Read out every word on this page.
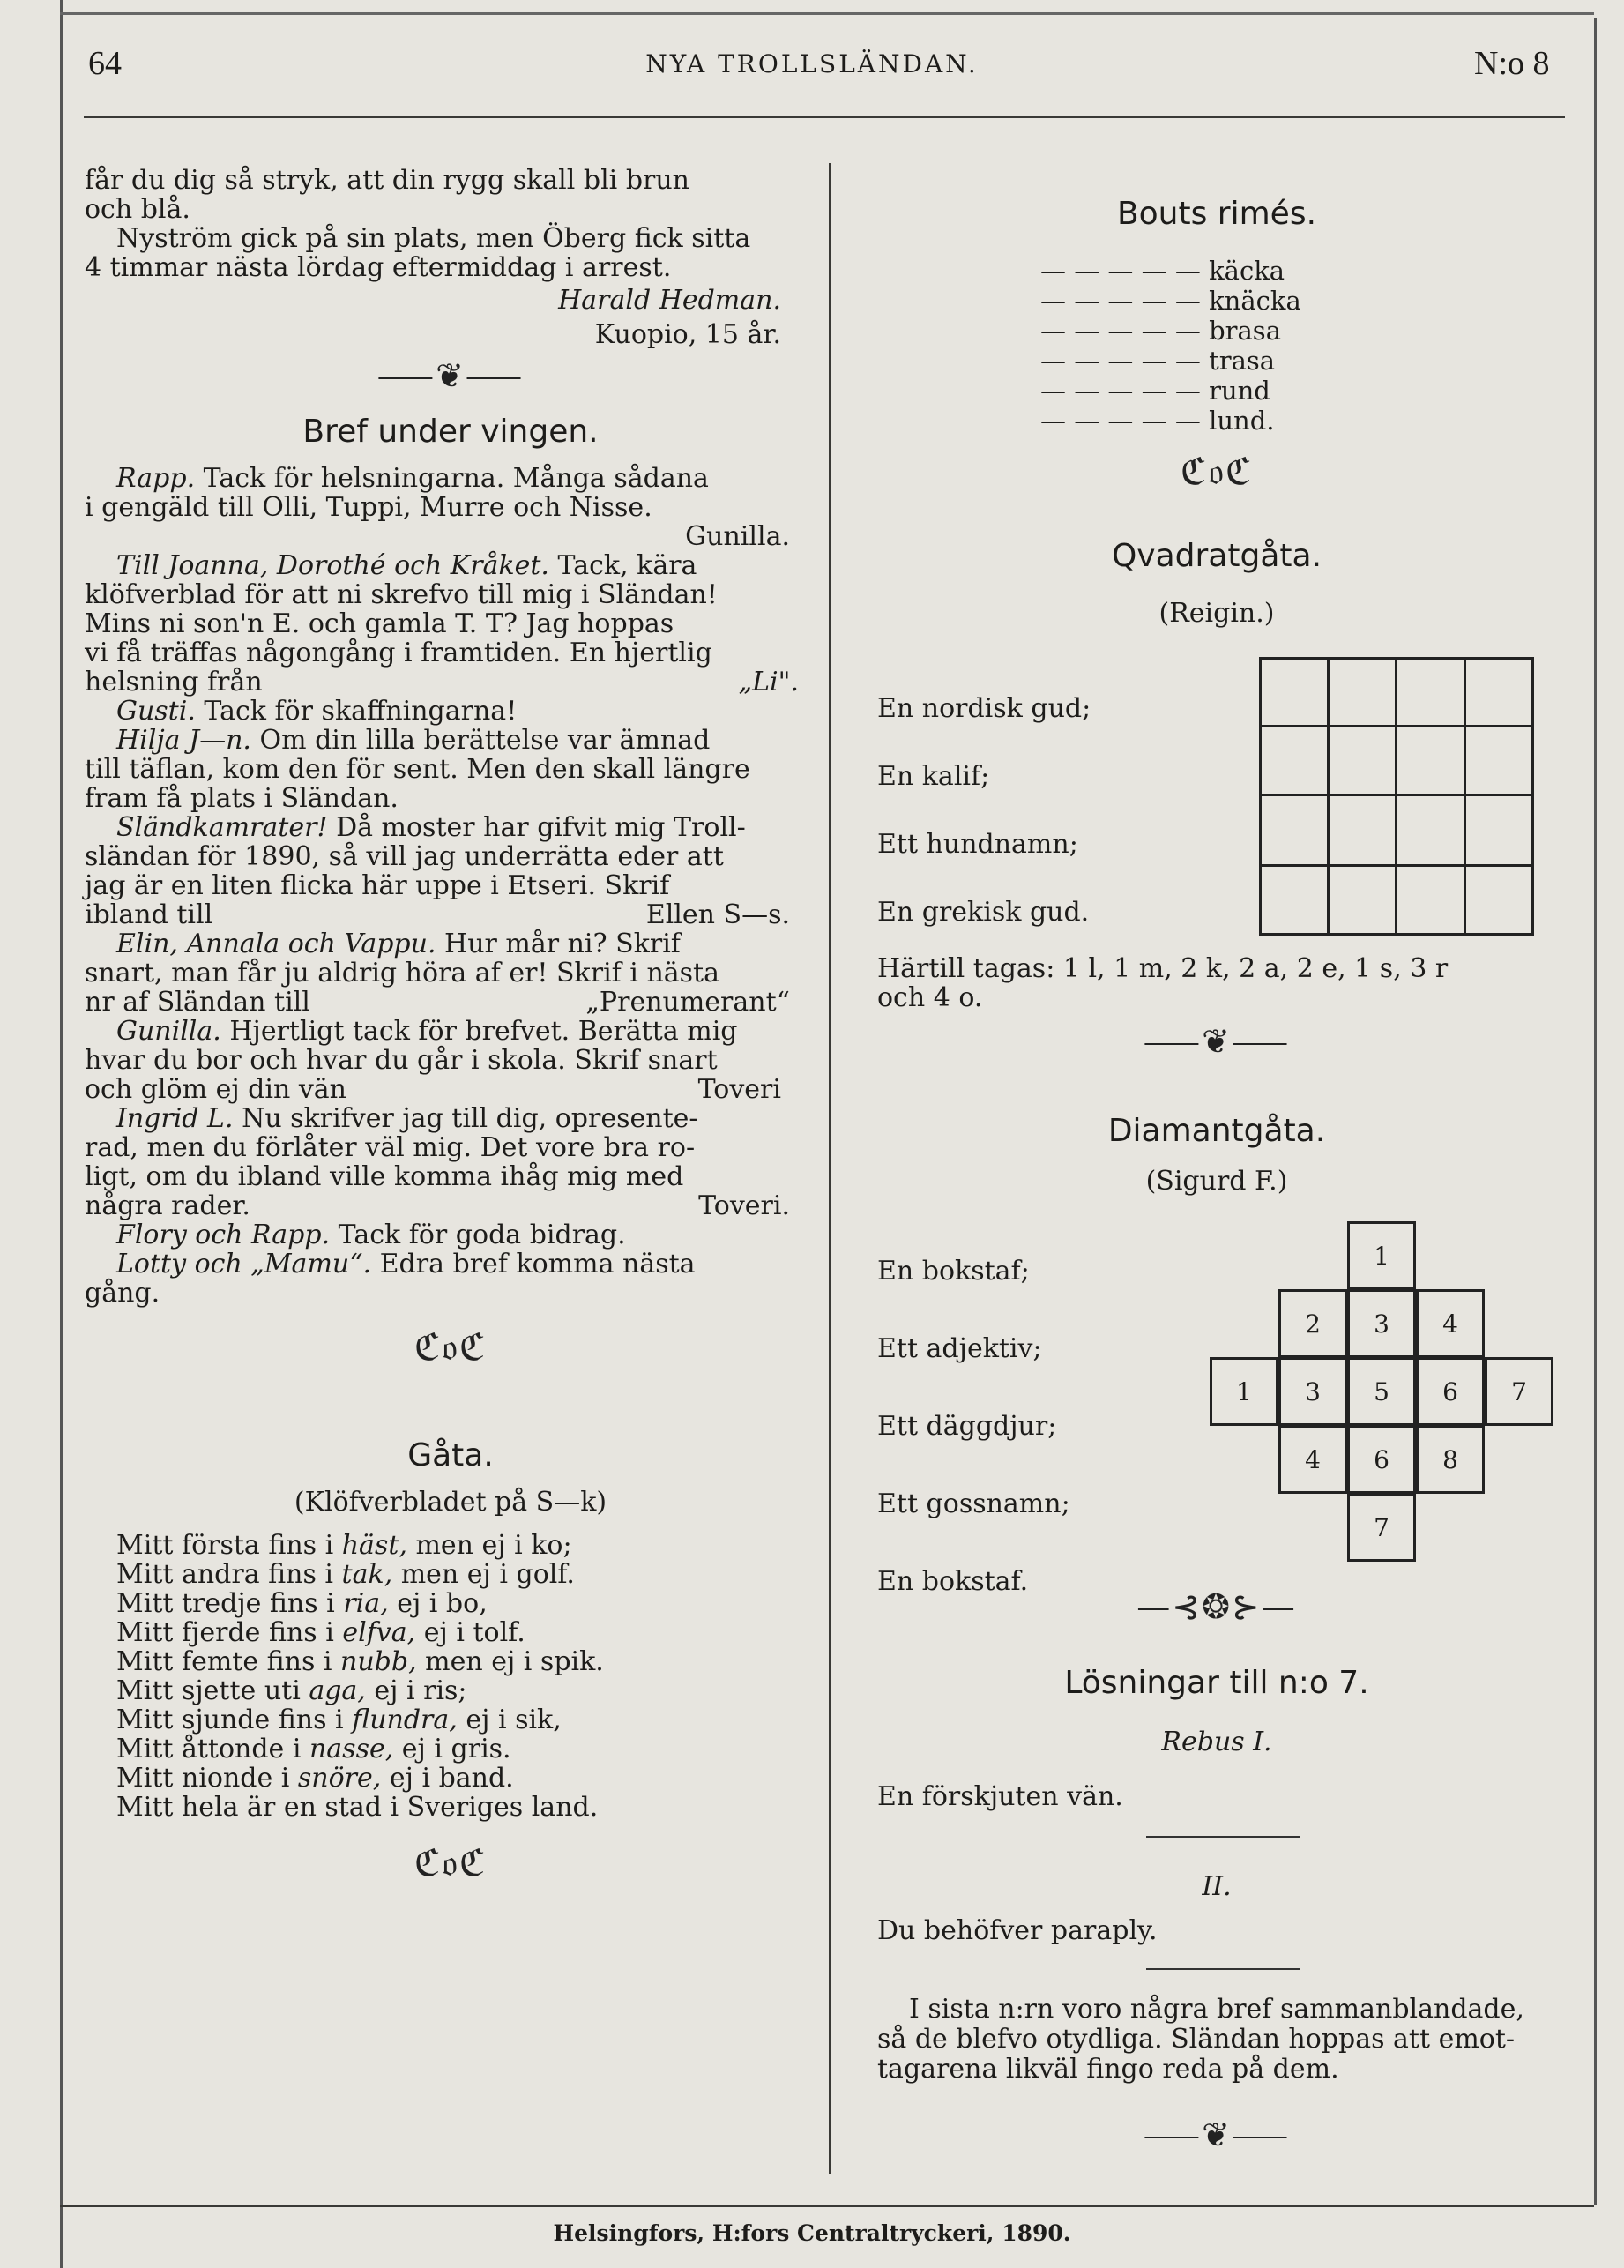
64	NYA TROLLSLÄNDAN.	N:o 8

får du dig så stryk, att din rygg skall bli brun

och blå.

Nyström gick på sin plats, men Öberg fick sitta

4 timmar nästa lördag eftermiddag i arrest.

Harald Hedman.

Kuopio, 15 år.

⸺❦⸺
Bref under vingen.

Rapp. Tack för helsningarna. Många sådana

i gengäld till Olli, Tuppi, Murre och Nisse.

Gunilla.

Till Joanna, Dorothé och Kråket. Tack, kära

klöfverblad för att ni skrefvo till mig i Sländan!

Mins ni son'n E. och gamla T. T? Jag hoppas

vi få träffas någongång i framtiden. En hjertlig

helsning från	„Li".

Gusti. Tack för skaffningarna!

Hilja J—n. Om din lilla berättelse var ämnad

till täflan, kom den för sent. Men den skall längre

fram få plats i Sländan.

Sländkamrater! Då moster har gifvit mig Troll-

sländan för 1890, så vill jag underrätta eder att

jag är en liten flicka här uppe i Etseri. Skrif

ibland till	Ellen S—s.

Elin, Annala och Vappu. Hur mår ni? Skrif

snart, man får ju aldrig höra af er! Skrif i nästa

nr af Sländan till	„Prenumerant“

Gunilla. Hjertligt tack för brefvet. Berätta mig

hvar du bor och hvar du går i skola. Skrif snart

och glöm ej din vän	Toveri

Ingrid L. Nu skrifver jag till dig, opresente-

rad, men du förlåter väl mig. Det vore bra ro-

ligt, om du ibland ville komma ihåg mig med

några rader.	Toveri.

Flory och Rapp. Tack för goda bidrag.

Lotty och „Mamu“. Edra bref komma nästa

gång.

ℭ𝔬ℭ
Gåta.

(Klöfverbladet på S—k)

Mitt första fins i häst, men ej i ko;

Mitt andra fins i tak, men ej i golf.

Mitt tredje fins i ria, ej i bo,

Mitt fjerde fins i elfva, ej i tolf.

Mitt femte fins i nubb, men ej i spik.

Mitt sjette uti aga, ej i ris;

Mitt sjunde fins i flundra, ej i sik,

Mitt åttonde i nasse, ej i gris.

Mitt nionde i snöre, ej i band.

Mitt hela är en stad i Sveriges land.

ℭ𝔬ℭ
Bouts rimés.
— — — — — käcka
— — — — — knäcka
— — — — — brasa
— — — — — trasa
— — — — — rund
— — — — — lund.
ℭ𝔬ℭ
Qvadratgåta.
(Reigin.)

En nordisk gud;

En kalif;

Ett hundnamn;

En grekisk gud.

Härtill tagas: 1 l, 1 m, 2 k, 2 a, 2 e, 1 s, 3 r

och 4 o.

⸺❦⸺
Diamantgåta.
(Sigurd F.)

En bokstaf;

Ett adjektiv;

Ett däggdjur;

Ett gossnamn;

En bokstaf.

1
2	3	4
1	3	5	6	7
4	6	8
7
—⊰❂⊱—
Lösningar till n:o 7.
Rebus I.
En förskjuten vän.
II.
Du behöfver paraply.

I sista n:rn voro några bref sammanblandade,

så de blefvo otydliga. Sländan hoppas att emot-

tagarena likväl fingo reda på dem.

⸺❦⸺
Helsingfors, H:fors Centraltryckeri, 1890.
